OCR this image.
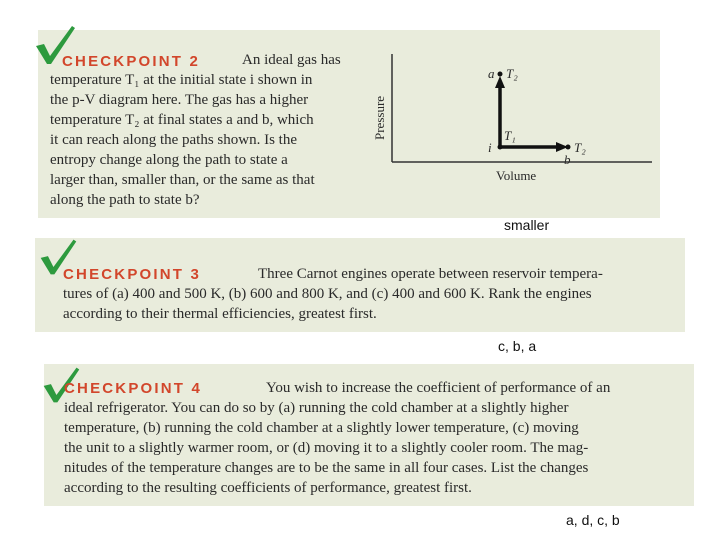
CHECKPOINT 2	An ideal gas has
temperature T₁ at the initial state i shown in
the p-V diagram here. The gas has a higher
temperature T₂ at final states a and b, which
it can reach along the paths shown. Is the
entropy change along the path to state a
larger than, smaller than, or the same as that
along the path to state b?
Pressure
Volume
a T₂
i
T₁
b
T₂
smaller
CHECKPOINT 3	Three Carnot engines operate between reservoir tempera-
tures of (a) 400 and 500 K, (b) 600 and 800 K, and (c) 400 and 600 K. Rank the engines
according to their thermal efficiencies, greatest first.
c, b, a
CHECKPOINT 4	You wish to increase the coefficient of performance of an
ideal refrigerator. You can do so by (a) running the cold chamber at a slightly higher
temperature, (b) running the cold chamber at a slightly lower temperature, (c) moving
the unit to a slightly warmer room, or (d) moving it to a slightly cooler room. The mag-
nitudes of the temperature changes are to be the same in all four cases. List the changes
according to the resulting coefficients of performance, greatest first.
a, d, c, b
